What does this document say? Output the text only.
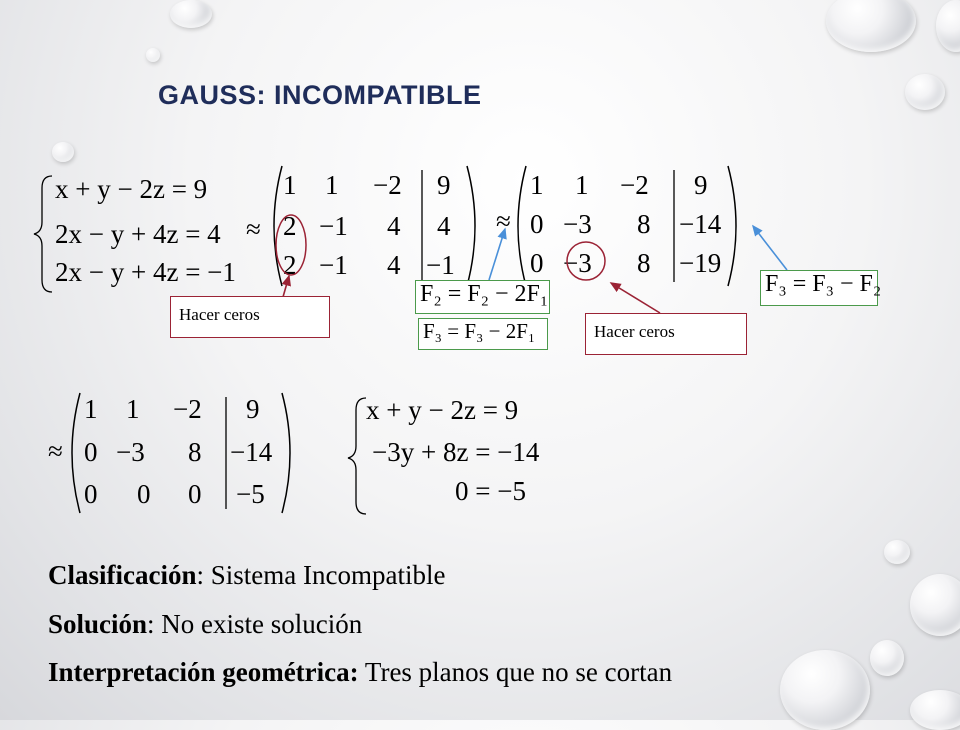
GAUSS: INCOMPATIBLE
x + y − 2z = 9
2x − y + 4z = 4
2x − y + 4z = −1
≈
1 1 −2 9
2 −1 4 4
2 −1 4 −1
≈
1 1 −2 9
0 −3 8 −14
0 −3 8 −19
≈
1 1 −2 9
0 −3 8 −14
0 0 0 −5
x + y − 2z = 9
−3y + 8z = −14
0 = −5
Hacer ceros
Hacer ceros
F₂ = F₂ − 2F₁
F₃ = F₃ − 2F₁
F₃ = F₃ − F₂
Clasificación: Sistema Incompatible
Solución: No existe solución
Interpretación geométrica: Tres planos que no se cortan
